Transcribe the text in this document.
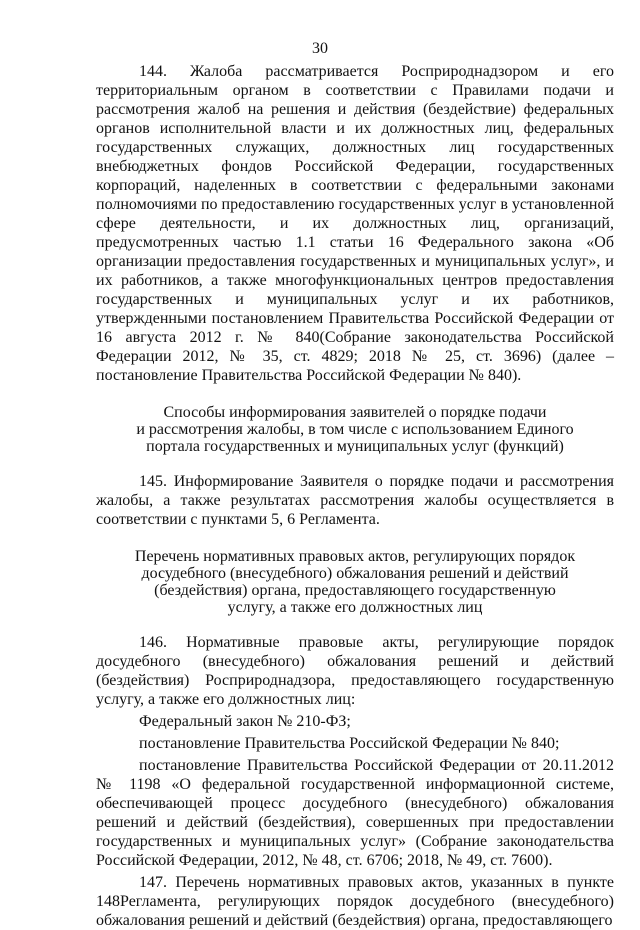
30

144. Жалоба рассматривается Росприроднадзором и его территориальным органом в соответствии с Правилами подачи и рассмотрения жалоб на решения и действия (бездействие) федеральных органов исполнительной власти и их должностных лиц, федеральных государственных служащих, должностных лиц государственных внебюджетных фондов Российской Федерации, государственных корпораций, наделенных в соответствии с федеральными законами полномочиями по предоставлению государственных услуг в установленной сфере деятельности, и их должностных лиц, организаций, предусмотренных частью 1.1 статьи 16 Федерального закона «Об организации предоставления государственных и муниципальных услуг», и их работников, а также многофункциональных центров предоставления государственных и муниципальных услуг и их работников, утвержденными постановлением Правительства Российской Федерации от 16 августа 2012 г. № 840(Собрание законодательства Российской Федерации 2012, № 35, ст. 4829; 2018 № 25, ст. 3696) (далее – постановление Правительства Российской Федерации № 840).

Способы информирования заявителей о порядке подачи
и рассмотрения жалобы, в том числе с использованием Единого
портала государственных и муниципальных услуг (функций)

145. Информирование Заявителя о порядке подачи и рассмотрения жалобы, а также результатах рассмотрения жалобы осуществляется в соответствии с пунктами 5, 6 Регламента.

Перечень нормативных правовых актов, регулирующих порядок
досудебного (внесудебного) обжалования решений и действий
(бездействия) органа, предоставляющего государственную
услугу, а также его должностных лиц

146. Нормативные правовые акты, регулирующие порядок досудебного (внесудебного) обжалования решений и действий (бездействия) Росприроднадзора, предоставляющего государственную услугу, а также его должностных лиц:

Федеральный закон № 210-ФЗ;

постановление Правительства Российской Федерации № 840;

постановление Правительства Российской Федерации от 20.11.2012 № 1198 «О федеральной государственной информационной системе, обеспечивающей процесс досудебного (внесудебного) обжалования решений и действий (бездействия), совершенных при предоставлении государственных и муниципальных услуг» (Собрание законодательства Российской Федерации, 2012, № 48, ст. 6706; 2018, № 49, ст. 7600).

147. Перечень нормативных правовых актов, указанных в пункте 148Регламента, регулирующих порядок досудебного (внесудебного) обжалования решений и действий (бездействия) органа, предоставляющего
